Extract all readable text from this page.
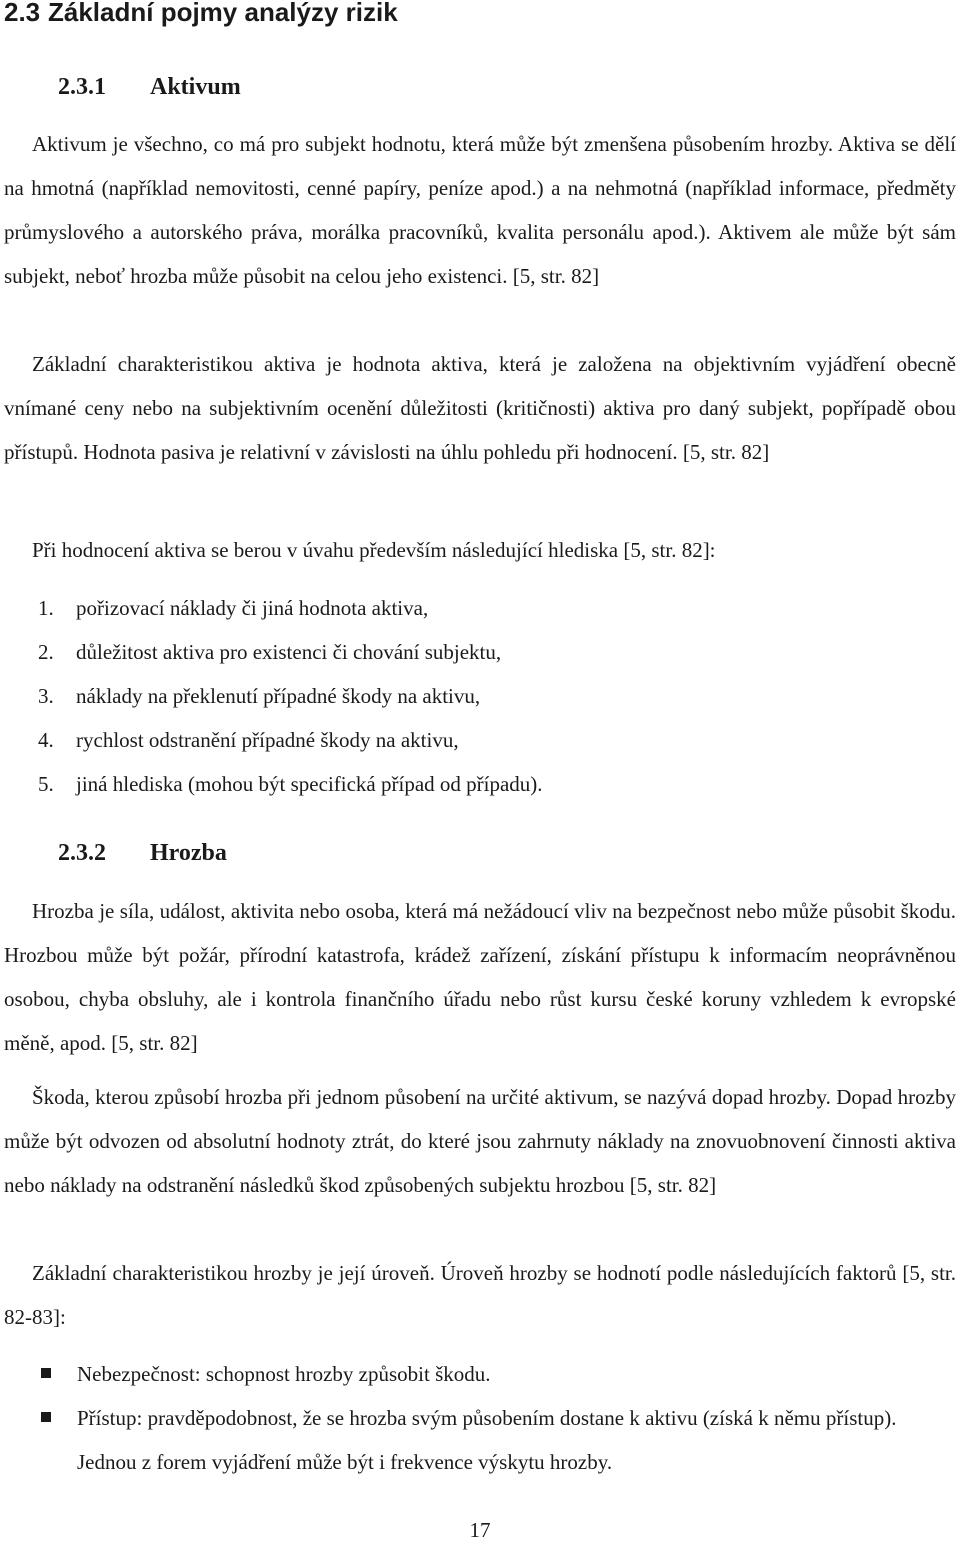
2.3 Základní pojmy analýzy rizik
2.3.1 Aktivum

Aktivum je všechno, co má pro subjekt hodnotu, která může být zmenšena působením hrozby. Aktiva se dělí na hmotná (například nemovitosti, cenné papíry, peníze apod.) a na nehmotná (například informace, předměty průmyslového a autorského práva, morálka pracovníků, kvalita personálu apod.). Aktivem ale může být sám subjekt, neboť hrozba může působit na celou jeho existenci. [5, str. 82]

Základní charakteristikou aktiva je hodnota aktiva, která je založena na objektivním vyjádření obecně vnímané ceny nebo na subjektivním ocenění důležitosti (kritičnosti) aktiva pro daný subjekt, popřípadě obou přístupů. Hodnota pasiva je relativní v závislosti na úhlu pohledu při hodnocení. [5, str. 82]

Při hodnocení aktiva se berou v úvahu především následující hlediska [5, str. 82]:

1. pořizovací náklady či jiná hodnota aktiva,
2. důležitost aktiva pro existenci či chování subjektu,
3. náklady na překlenutí případné škody na aktivu,
4. rychlost odstranění případné škody na aktivu,
5. jiná hlediska (mohou být specifická případ od případu).
2.3.2 Hrozba

Hrozba je síla, událost, aktivita nebo osoba, která má nežádoucí vliv na bezpečnost nebo může působit škodu. Hrozbou může být požár, přírodní katastrofa, krádež zařízení, získání přístupu k informacím neoprávněnou osobou, chyba obsluhy, ale i kontrola finančního úřadu nebo růst kursu české koruny vzhledem k evropské měně, apod. [5, str. 82]

Škoda, kterou způsobí hrozba při jednom působení na určité aktivum, se nazývá dopad hrozby. Dopad hrozby může být odvozen od absolutní hodnoty ztrát, do které jsou zahrnuty náklady na znovuobnovení činnosti aktiva nebo náklady na odstranění následků škod způsobených subjektu hrozbou [5, str. 82]

Základní charakteristikou hrozby je její úroveň. Úroveň hrozby se hodnotí podle následujících faktorů [5, str. 82-83]:

Nebezpečnost: schopnost hrozby způsobit škodu.
Přístup: pravděpodobnost, že se hrozba svým působením dostane k aktivu (získá k němu přístup). Jednou z forem vyjádření může být i frekvence výskytu hrozby.
17
